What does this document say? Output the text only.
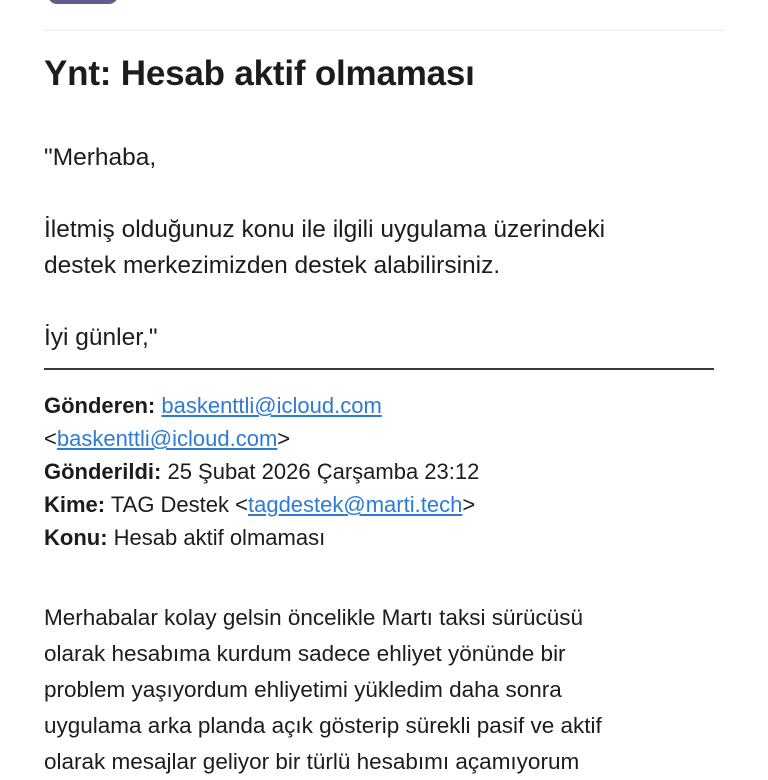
Ynt: Hesab aktif olmaması

"Merhaba,

İletmiş olduğunuz konu ile ilgili uygulama üzerindeki

destek merkezimizden destek alabilirsiniz.

İyi günler,"

Gönderen: baskenttli@icloud.com

<baskenttli@icloud.com>

Gönderildi: 25 Şubat 2026 Çarşamba 23:12

Kime: TAG Destek <tagdestek@marti.tech>

Konu: Hesab aktif olmaması

Merhabalar kolay gelsin öncelikle Martı taksi sürücüsü

olarak hesabıma kurdum sadece ehliyet yönünde bir

problem yaşıyordum ehliyetimi yükledim daha sonra

uygulama arka planda açık gösterip sürekli pasif ve aktif

olarak mesajlar geliyor bir türlü hesabımı açamıyorum
